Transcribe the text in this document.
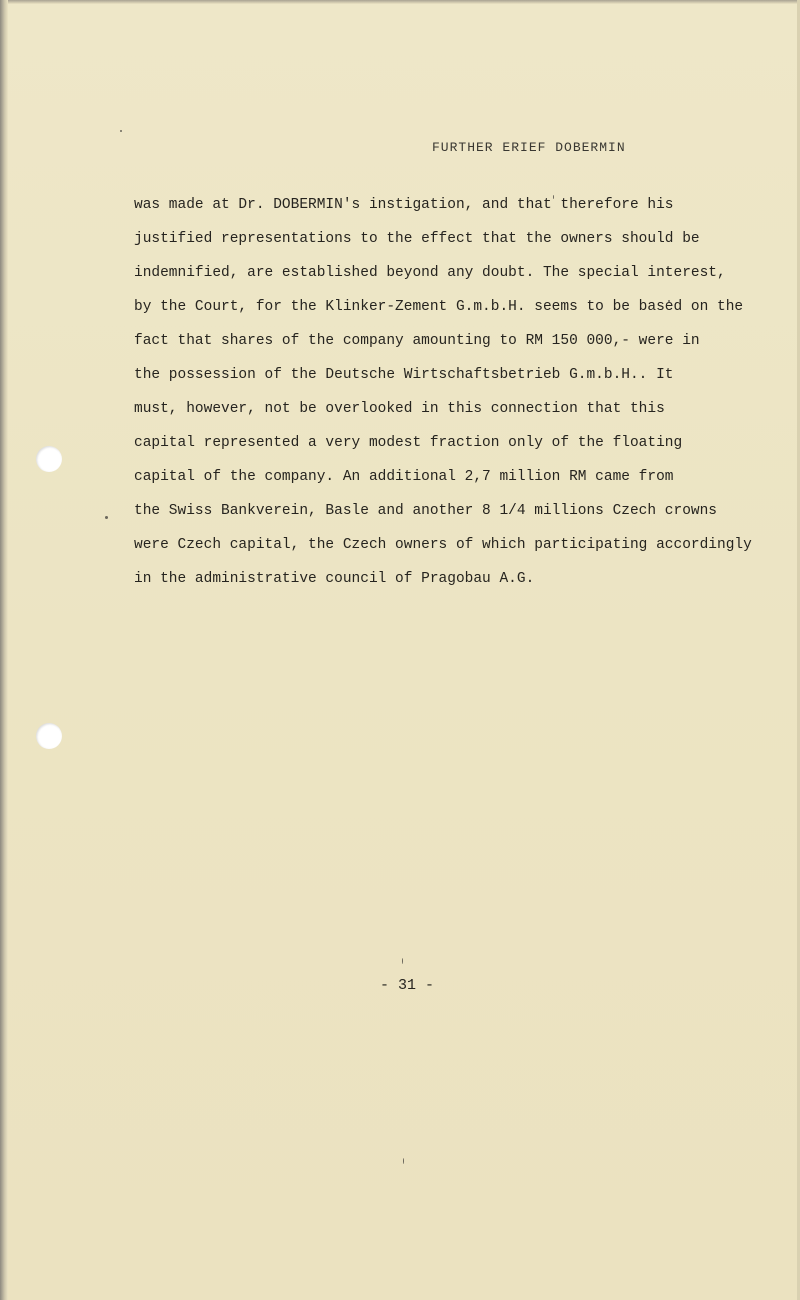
FURTHER ERIEF DOBERMIN
was made at Dr. DOBERMIN's instigation, and that therefore his
justified representations to the effect that the owners should be
indemnified, are established beyond any doubt. The special interest,
by the Court, for the Klinker-Zement G.m.b.H. seems to be based on the
fact that shares of the company amounting to RM 150 000,- were in
the possession of the Deutsche Wirtschaftsbetrieb G.m.b.H.. It
must, however, not be overlooked in this connection that this
capital represented a very modest fraction only of the floating
capital of the company. An additional 2,7 million RM came from
the Swiss Bankverein, Basle and another 8 1/4 millions Czech crowns
were Czech capital, the Czech owners of which participating accordingly
in the administrative council of Pragobau A.G.
- 31 -
